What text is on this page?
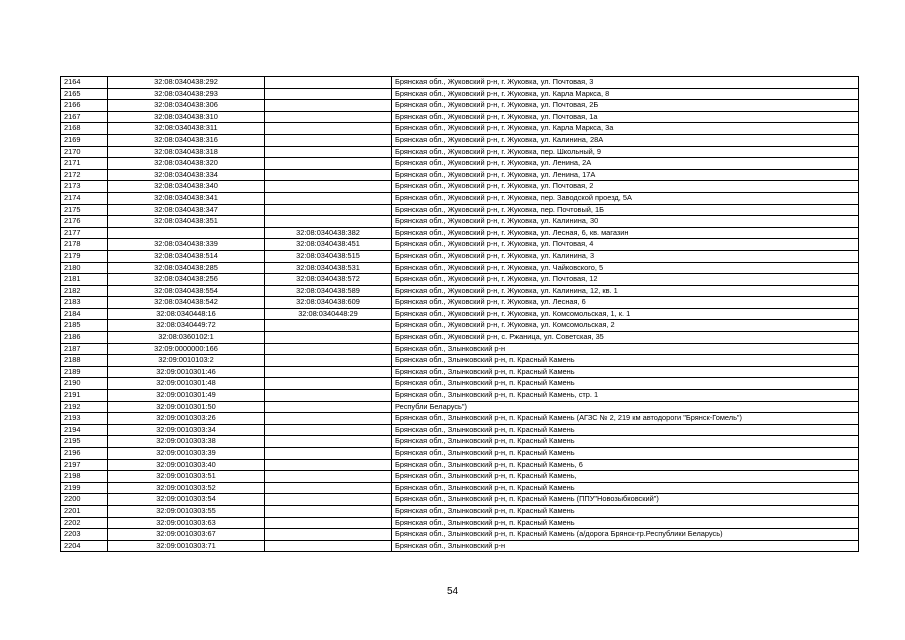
2164	32:08:0340438:292		Брянская обл., Жуковский р-н, г. Жуковка, ул. Почтовая, 3
2165	32:08:0340438:293		Брянская обл., Жуковский р-н, г. Жуковка, ул. Карла Маркса, 8
2166	32:08:0340438:306		Брянская обл., Жуковский р-н, г. Жуковка, ул. Почтовая, 2Б
2167	32:08:0340438:310		Брянская обл., Жуковский р-н, г. Жуковка, ул. Почтовая, 1а
2168	32:08:0340438:311		Брянская обл., Жуковский р-н, г. Жуковка, ул. Карла Маркса, 3а
2169	32:08:0340438:316		Брянская обл., Жуковский р-н, г. Жуковка, ул. Калинина, 28А
2170	32:08:0340438:318		Брянская обл., Жуковский р-н, г. Жуковка, пер. Школьный, 9
2171	32:08:0340438:320		Брянская обл., Жуковский р-н, г. Жуковка, ул. Ленина, 2А
2172	32:08:0340438:334		Брянская обл., Жуковский р-н, г. Жуковка, ул. Ленина, 17А
2173	32:08:0340438:340		Брянская обл., Жуковский р-н, г. Жуковка, ул. Почтовая, 2
2174	32:08:0340438:341		Брянская обл., Жуковский р-н, г. Жуковка, пер. Заводской проезд, 5А
2175	32:08:0340438:347		Брянская обл., Жуковский р-н, г. Жуковка, пер. Почтовый, 1Б
2176	32:08:0340438:351		Брянская обл., Жуковский р-н, г. Жуковка, ул. Калинина, 30
2177		32:08:0340438:382	Брянская обл., Жуковский р-н, г. Жуковка, ул. Лесная, 6, кв. магазин
2178	32:08:0340438:339	32:08:0340438:451	Брянская обл., Жуковский р-н, г. Жуковка, ул. Почтовая, 4
2179	32:08:0340438:514	32:08:0340438:515	Брянская обл., Жуковский р-н, г. Жуковка, ул. Калинина, 3
2180	32:08:0340438:285	32:08:0340438:531	Брянская обл., Жуковский р-н, г. Жуковка, ул. Чайковского, 5
2181	32:08:0340438:256	32:08:0340438:572	Брянская обл., Жуковский р-н, г. Жуковка, ул. Почтовая, 12
2182	32:08:0340438:554	32:08:0340438:589	Брянская обл., Жуковский р-н, г. Жуковка, ул. Калинина, 12, кв. 1
2183	32:08:0340438:542	32:08:0340438:609	Брянская обл., Жуковский р-н, г. Жуковка, ул. Лесная, 6
2184	32:08:0340448:16	32:08:0340448:29	Брянская обл., Жуковский р-н, г. Жуковка, ул. Комсомольская, 1, к. 1
2185	32:08:0340449:72		Брянская обл., Жуковский р-н, г. Жуковка, ул. Комсомольская, 2
2186	32:08:0360102:1		Брянская обл., Жуковский р-н, с. Ржаница, ул. Советская, 35
2187	32:09:0000000:166		Брянская обл., Злынковский р-н
2188	32:09:0010103:2		Брянская обл., Злынковский р-н, п. Красный Камень
2189	32:09:0010301:46		Брянская обл., Злынковский р-н, п. Красный Камень
2190	32:09:0010301:48		Брянская обл., Злынковский р-н, п. Красный Камень
2191	32:09:0010301:49		Брянская обл., Злынковский р-н, п. Красный Камень, стр. 1
2192	32:09:0010301:50		Республи Беларусь")
2193	32:09:0010303:26		Брянская обл., Злынковский р-н, п. Красный Камень (АГЗС № 2, 219 км автодороги "Брянск-Гомель")
2194	32:09:0010303:34		Брянская обл., Злынковский р-н, п. Красный Камень
2195	32:09:0010303:38		Брянская обл., Злынковский р-н, п. Красный Камень
2196	32:09:0010303:39		Брянская обл., Злынковский р-н, п. Красный Камень
2197	32:09:0010303:40		Брянская обл., Злынковский р-н, п. Красный Камень, 6
2198	32:09:0010303:51		Брянская обл., Злынковский р-н, п. Красный Камень,
2199	32:09:0010303:52		Брянская обл., Злынковский р-н, п. Красный Камень
2200	32:09:0010303:54		Брянская обл., Злынковский р-н, п. Красный Камень (ППУ"Новозыбковский")
2201	32:09:0010303:55		Брянская обл., Злынковский р-н, п. Красный Камень
2202	32:09:0010303:63		Брянская обл., Злынковский р-н, п. Красный Камень
2203	32:09:0010303:67		Брянская обл., Злынковский р-н, п. Красный Камень (а/дорога Брянск-гр.Республики Беларусь)
2204	32:09:0010303:71		Брянская обл., Злынковский р-н
54
